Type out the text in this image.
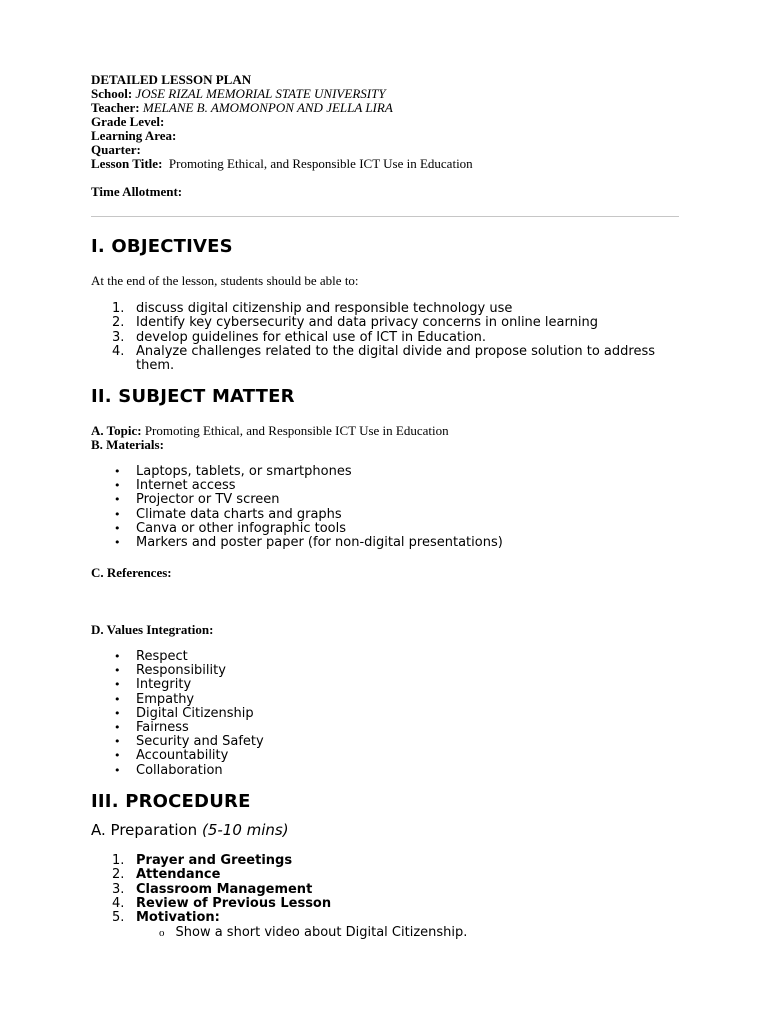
DETAILED LESSON PLAN
School: JOSE RIZAL MEMORIAL STATE UNIVERSITY
Teacher: MELANE B. AMOMONPON AND JELLA LIRA
Grade Level:
Learning Area:
Quarter:
Lesson Title: Promoting Ethical, and Responsible ICT Use in Education
Time Allotment:
I. OBJECTIVES
At the end of the lesson, students should be able to:
1. discuss digital citizenship and responsible technology use
2. Identify key cybersecurity and data privacy concerns in online learning
3. develop guidelines for ethical use of ICT in Education.
4. Analyze challenges related to the digital divide and propose solution to address them.
II. SUBJECT MATTER
A. Topic: Promoting Ethical, and Responsible ICT Use in Education
B. Materials:
• Laptops, tablets, or smartphones
• Internet access
• Projector or TV screen
• Climate data charts and graphs
• Canva or other infographic tools
• Markers and poster paper (for non-digital presentations)
C. References:
D. Values Integration:
• Respect
• Responsibility
• Integrity
• Empathy
• Digital Citizenship
• Fairness
• Security and Safety
• Accountability
• Collaboration
III. PROCEDURE
A. Preparation (5-10 mins)
1. Prayer and Greetings
2. Attendance
3. Classroom Management
4. Review of Previous Lesson
5. Motivation:
o Show a short video about Digital Citizenship.
